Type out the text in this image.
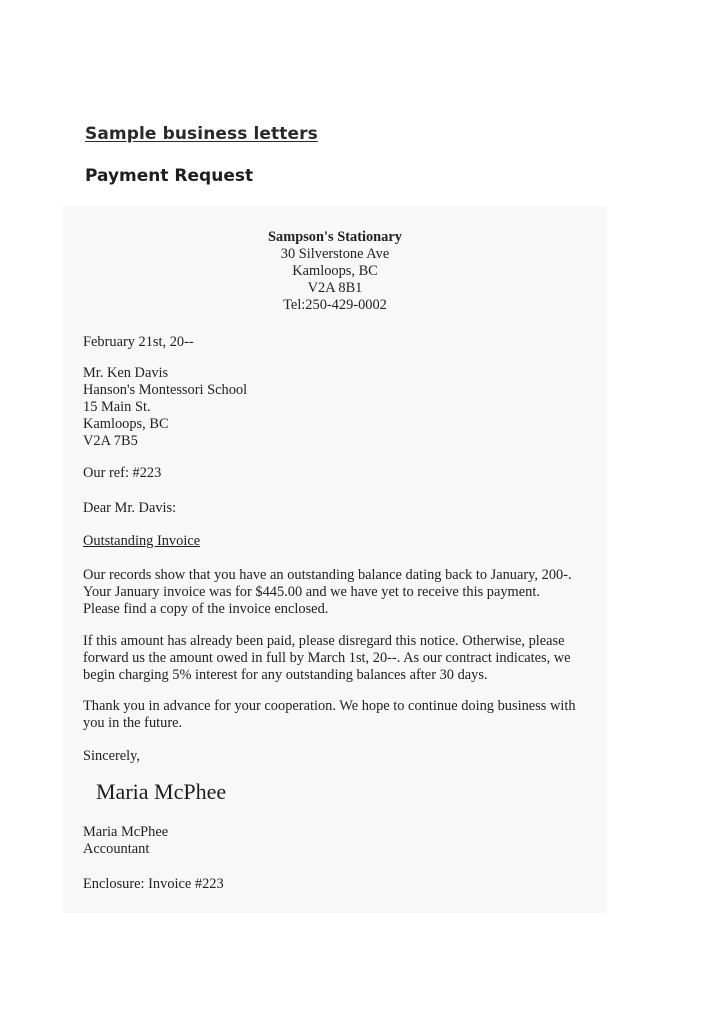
Sample business letters
Payment Request
Sampson's Stationary
30 Silverstone Ave
Kamloops, BC
V2A 8B1
Tel:250-429-0002
February 21st, 20--
Mr. Ken Davis
Hanson's Montessori School
15 Main St.
Kamloops, BC
V2A 7B5
Our ref: #223
Dear Mr. Davis:
Outstanding Invoice
Our records show that you have an outstanding balance dating back to January, 200-.
Your January invoice was for $445.00 and we have yet to receive this payment.
Please find a copy of the invoice enclosed.
If this amount has already been paid, please disregard this notice. Otherwise, please
forward us the amount owed in full by March 1st, 20--. As our contract indicates, we
begin charging 5% interest for any outstanding balances after 30 days.
Thank you in advance for your cooperation. We hope to continue doing business with
you in the future.
Sincerely,
Maria McPhee
Maria McPhee
Accountant
Enclosure: Invoice #223
